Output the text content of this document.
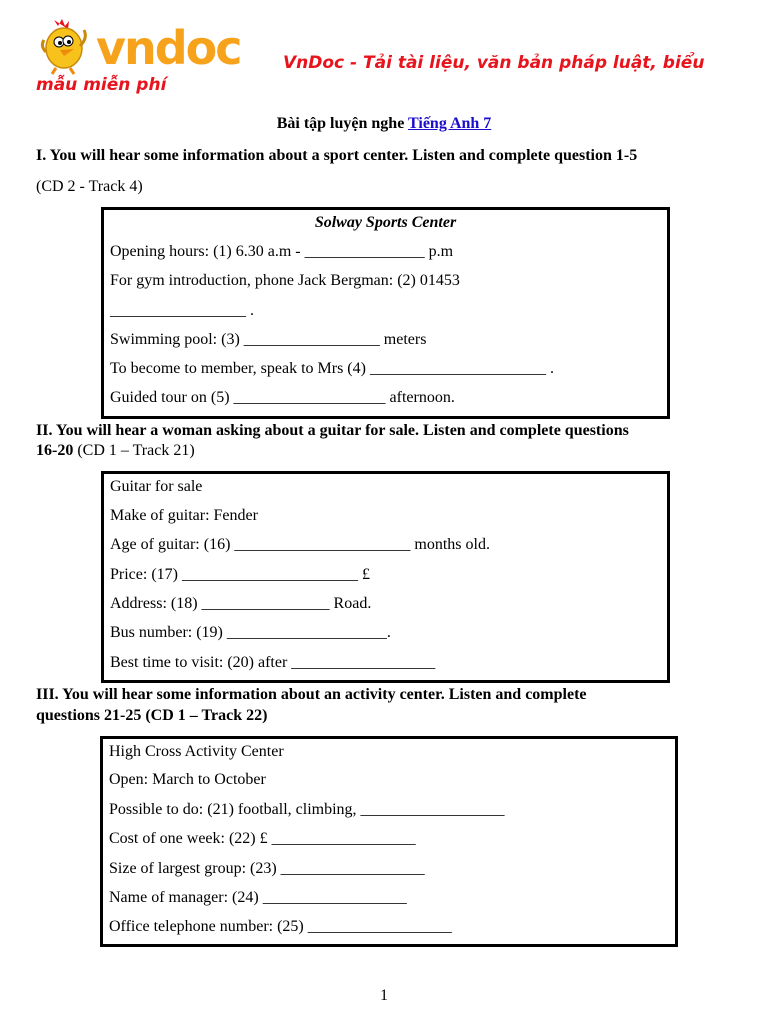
vndoc VnDoc - Tải tài liệu, văn bản pháp luật, biểu
mẫu miễn phí
Bài tập luyện nghe Tiếng Anh 7
I. You will hear some information about a sport center. Listen and complete question 1-5
(CD 2 - Track 4)
Solway Sports Center
Opening hours: (1) 6.30 a.m - _______________ p.m
For gym introduction, phone Jack Bergman: (2) 01453
_________________ .
Swimming pool: (3) _________________ meters
To become to member, speak to Mrs (4) ______________________ .
Guided tour on (5) ___________________ afternoon.
II. You will hear a woman asking about a guitar for sale. Listen and complete questions
16-20 (CD 1 – Track 21)
Guitar for sale
Make of guitar: Fender
Age of guitar: (16) ______________________ months old.
Price: (17) ______________________ £
Address: (18) ________________ Road.
Bus number: (19) ____________________.
Best time to visit: (20) after __________________
III. You will hear some information about an activity center. Listen and complete
questions 21-25 (CD 1 – Track 22)
High Cross Activity Center
Open: March to October
Possible to do: (21) football, climbing, __________________
Cost of one week: (22) £ __________________
Size of largest group: (23) __________________
Name of manager: (24) __________________
Office telephone number: (25) __________________
1
